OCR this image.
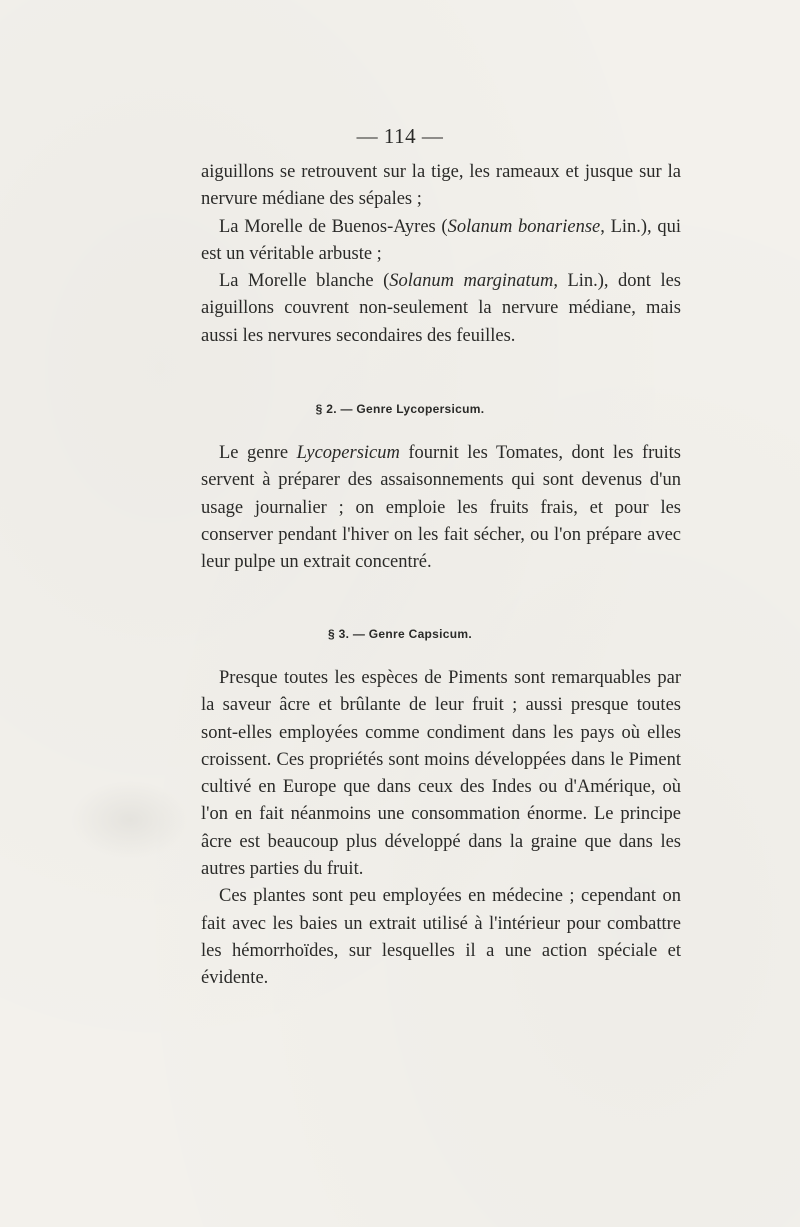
— 114 —

aiguillons se retrouvent sur la tige, les rameaux et jusque sur la nervure médiane des sépales ;

La Morelle de Buenos-Ayres (Solanum bonariense, Lin.), qui est un véritable arbuste ;

La Morelle blanche (Solanum marginatum, Lin.), dont les aiguillons couvrent non-seulement la nervure médiane, mais aussi les nervures secondaires des feuilles.

§ 2. — Genre Lycopersicum.

Le genre Lycopersicum fournit les Tomates, dont les fruits servent à préparer des assaisonnements qui sont devenus d'un usage journalier ; on emploie les fruits frais, et pour les conserver pendant l'hiver on les fait sécher, ou l'on prépare avec leur pulpe un extrait concentré.

§ 3. — Genre Capsicum.

Presque toutes les espèces de Piments sont remarquables par la saveur âcre et brûlante de leur fruit ; aussi presque toutes sont-elles employées comme condiment dans les pays où elles croissent. Ces propriétés sont moins développées dans le Piment cultivé en Europe que dans ceux des Indes ou d'Amérique, où l'on en fait néanmoins une consommation énorme. Le principe âcre est beaucoup plus développé dans la graine que dans les autres parties du fruit.

Ces plantes sont peu employées en médecine ; cependant on fait avec les baies un extrait utilisé à l'intérieur pour combattre les hémorrhoïdes, sur lesquelles il a une action spéciale et évidente.
